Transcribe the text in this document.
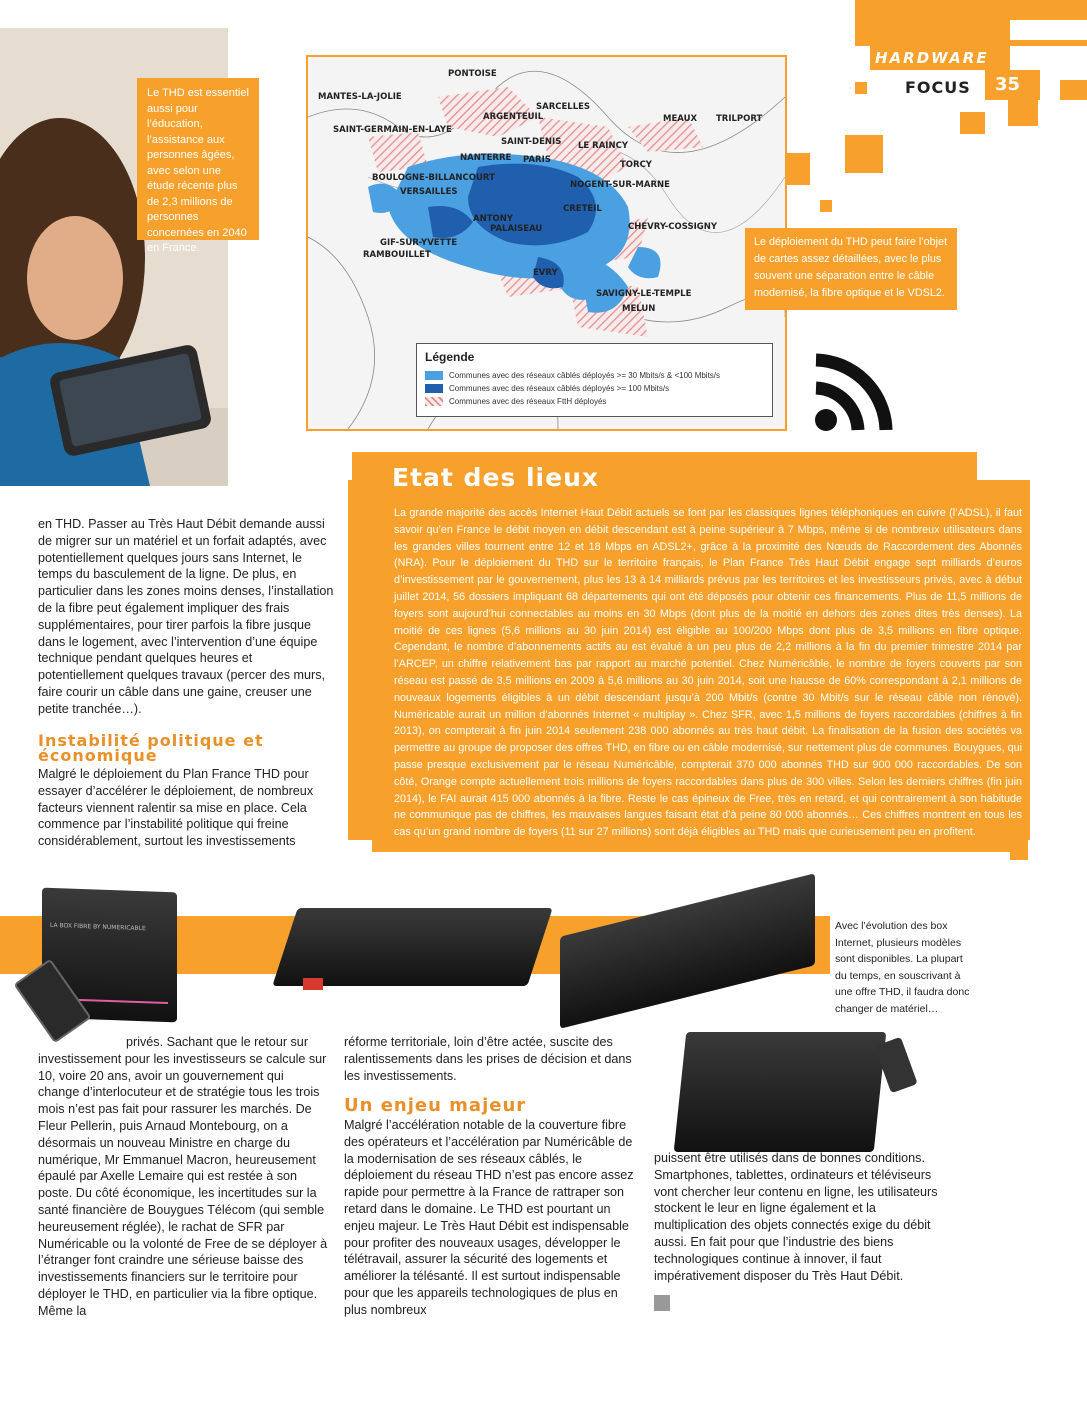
HARDWARE
FOCUS 35
Le THD est essentiel aussi pour l’éducation, l’assistance aux personnes âgées, avec selon une étude récente plus de 2,3 millions de personnes concernées en 2040 en France.
PONTOISE
MANTES-LA-JOLIE
SARCELLES
ARGENTEUIL
SAINT-GERMAIN-EN-LAYE
MEAUX TRILPORT
SAINT-DENIS LE RAINCY
NANTERRE PARIS	TORCY
BOULOGNE-BILLANCOURT
NOGENT-SUR-MARNE
VERSAILLES
CRETEIL
ANTONY
PALAISEAU	CHEVRY-COSSIGNY
GIF-SUR-YVETTE
RAMBOUILLET
EVRY
SAVIGNY-LE-TEMPLE
MELUN
Légende
Communes avec des réseaux câblés déployés >= 30 Mbits/s & <100 Mbits/s
Communes avec des réseaux câblés déployés >= 100 Mbits/s
Communes avec des réseaux FttH déployés
Le déploiement du THD peut faire l’objet de cartes assez détaillées, avec le plus souvent une séparation entre le câble modernisé, la fibre optique et le VDSL2.
en THD. Passer au Très Haut Débit demande aussi de migrer sur un matériel et un forfait adaptés, avec potentiellement quelques jours sans Internet, le temps du basculement de la ligne. De plus, en particulier dans les zones moins denses, l’installation de la fibre peut également impliquer des frais supplémentaires, pour tirer parfois la fibre jusque dans le logement, avec l’intervention d’une équipe technique pendant quelques heures et potentiellement quelques travaux (percer des murs, faire courir un câble dans une gaine, creuser une petite tranchée…).
Instabilité politique et économique
Malgré le déploiement du Plan France THD pour essayer d’accélérer le déploiement, de nombreux facteurs viennent ralentir sa mise en place. Cela commence par l’instabilité politique qui freine considérablement, surtout les investissements
Etat des lieux
La grande majorité des accès Internet Haut Débit actuels se font par les classiques lignes téléphoniques en cuivre (l’ADSL), il faut savoir qu’en France le débit moyen en débit descendant est à peine supérieur à 7 Mbps, même si de nombreux utilisateurs dans les grandes villes tournent entre 12 et 18 Mbps en ADSL2+, grâce à la proximité des Nœuds de Raccordement des Abonnés (NRA). Pour le déploiement du THD sur le territoire français, le Plan France Très Haut Débit engage sept milliards d’euros d’investissement par le gouvernement, plus les 13 à 14 milliards prévus par les territoires et les investisseurs privés, avec à début juillet 2014, 56 dossiers impliquant 68 départements qui ont été déposés pour obtenir ces financements. Plus de 11,5 millions de foyers sont aujourd’hui connectables au moins en 30 Mbps (dont plus de la moitié en dehors des zones dites très denses). La moitié de ces lignes (5,6 millions au 30 juin 2014) est éligible au 100/200 Mbps dont plus de 3,5 millions en fibre optique. Cependant, le nombre d’abonnements actifs au est évalué à un peu plus de 2,2 millions à la fin du premier trimestre 2014 par l’ARCEP, un chiffre relativement bas par rapport au marché potentiel. Chez Numéricâble, le nombre de foyers couverts par son réseau est passé de 3,5 millions en 2009 à 5,6 millions au 30 juin 2014, soit une hausse de 60% correspondant à 2,1 millions de nouveaux logements éligibles à un débit descendant jusqu’à 200 Mbit/s (contre 30 Mbit/s sur le réseau câble non rénové). Numéricable aurait un million d’abonnés Internet « multiplay ». Chez SFR, avec 1,5 millions de foyers raccordables (chiffres à fin 2013), on compterait à fin juin 2014 seulement 238 000 abonnés au très haut débit. La finalisation de la fusion des sociétés va permettre au groupe de proposer des offres THD, en fibre ou en câble modernisé, sur nettement plus de communes. Bouygues, qui passe presque exclusivement par le réseau Numéricâble, compterait 370 000 abonnés THD sur 900 000 raccordables. De son côté, Orange compte actuellement trois millions de foyers raccordables dans plus de 300 villes. Selon les derniers chiffres (fin juin 2014), le FAI aurait 415 000 abonnés à la fibre. Reste le cas épineux de Free, très en retard, et qui contrairement à son habitude ne communique pas de chiffres, les mauvaises langues faisant état d’à peine 80 000 abonnés… Ces chiffres montrent en tous les cas qu’un grand nombre de foyers (11 sur 27 millions) sont déjà éligibles au THD mais que curieusement peu en profitent.
LA BOX FIBRE BY NUMERICABLE	Avec l’évolution des box Internet, plusieurs modèles sont disponibles. La plupart du temps, en souscrivant à une offre THD, il faudra donc changer de matériel…
privés. Sachant que le retour sur investissement pour les investisseurs se calcule sur 10, voire 20 ans, avoir un gouvernement qui change d’interlocuteur et de stratégie tous les trois mois n’est pas fait pour rassurer les marchés. De Fleur Pellerin, puis Arnaud Montebourg, on a désormais un nouveau Ministre en charge du numérique, Mr Emmanuel Macron, heureusement épaulé par Axelle Lemaire qui est restée à son poste. Du côté économique, les incertitudes sur la santé financière de Bouygues Télécom (qui semble heureusement réglée), le rachat de SFR par Numéricable ou la volonté de Free de se déployer à l’étranger font craindre une sérieuse baisse des investissements financiers sur le territoire pour déployer le THD, en particulier via la fibre optique. Même la
réforme territoriale, loin d’être actée, suscite des ralentissements dans les prises de décision et dans les investissements.
Un enjeu majeur
Malgré l’accélération notable de la couverture fibre des opérateurs et l’accélération par Numéricâble de la modernisation de ses réseaux câblés, le déploiement du réseau THD n’est pas encore assez rapide pour permettre à la France de rattraper son retard dans le domaine. Le THD est pourtant un enjeu majeur. Le Très Haut Débit est indispensable pour profiter des nouveaux usages, développer le télétravail, assurer la sécurité des logements et améliorer la télésanté. Il est surtout indispensable pour que les appareils technologiques de plus en plus nombreux
puissent être utilisés dans de bonnes conditions. Smartphones, tablettes, ordinateurs et téléviseurs vont chercher leur contenu en ligne, les utilisateurs stockent le leur en ligne également et la multiplication des objets connectés exige du débit aussi. En fait pour que l’industrie des biens technologiques continue à innover, il faut impérativement disposer du Très Haut Débit.
